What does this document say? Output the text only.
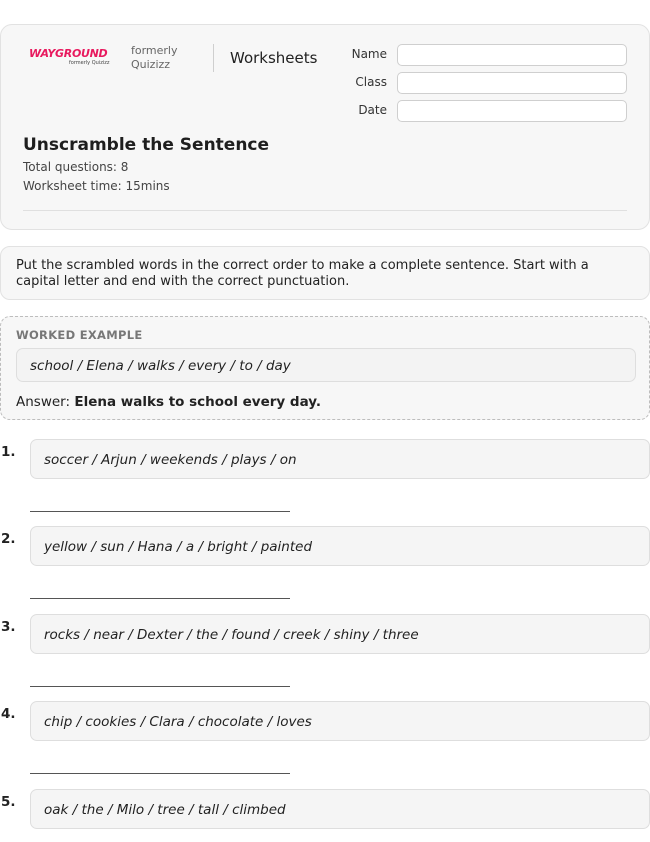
WAYGROUND
formerly Quizizz
formerly Quizizz	Worksheets	Name
Class
Date
Unscramble the Sentence
Total questions: 8
Worksheet time: 15mins
Put the scrambled words in the correct order to make a complete sentence. Start with a capital letter and end with the correct punctuation.
WORKED EXAMPLE
school / Elena / walks / every / to / day
Answer: Elena walks to school every day.
1.	soccer / Arjun / weekends / plays / on
2.	yellow / sun / Hana / a / bright / painted
3.	rocks / near / Dexter / the / found / creek / shiny / three
4.	chip / cookies / Clara / chocolate / loves
5.	oak / the / Milo / tree / tall / climbed
